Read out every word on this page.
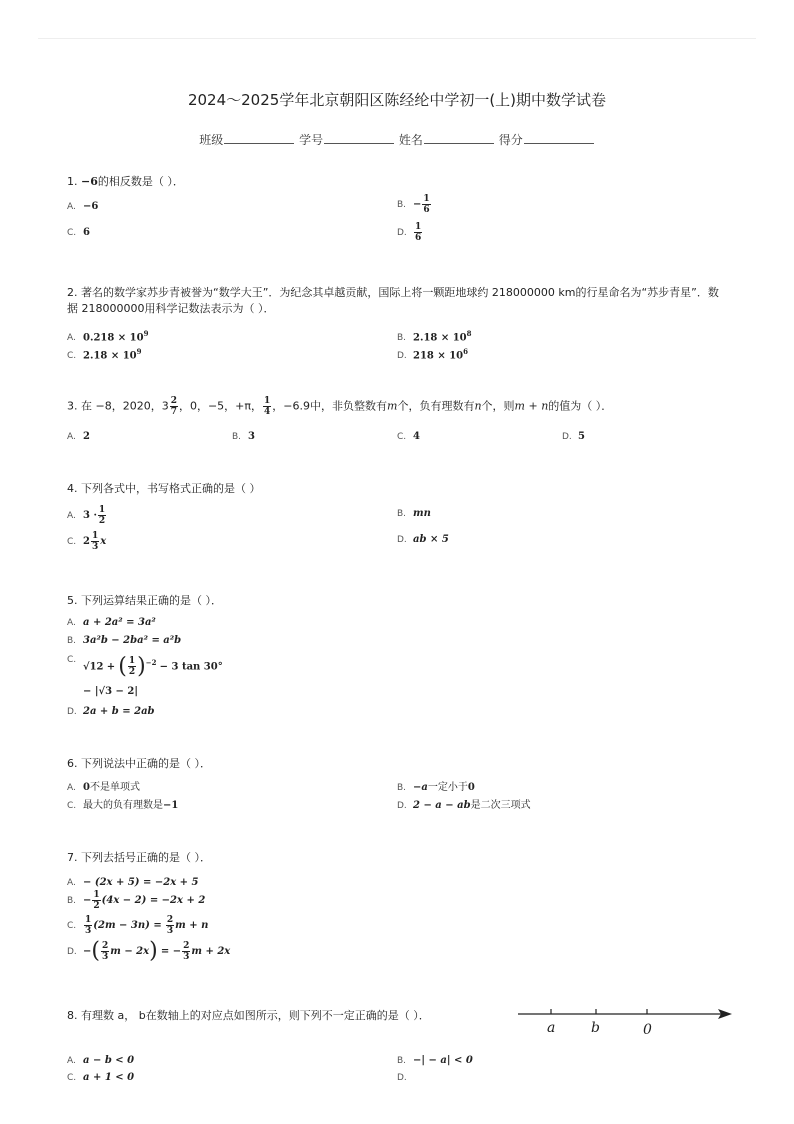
2024～2025学年北京朝阳区陈经纶中学初一(上)期中数学试卷
班级	学号	姓名	得分
1. −6的相反数是（ ）．
A. −6	B. − $\frac{1}{6}$
C. 6	D. $\frac{1}{6}$
2. 著名的数学家苏步青被誉为“数学大王”．为纪念其卓越贡献，国际上将一颗距地球约 218000000 km的行星命名为“苏步青星”．数据 218000000用科学记数法表示为（ ）．
A. $0.218 \times 10^9$	B. $2.18 \times 10^8$
C. $2.18 \times 10^9$	D. $218 \times 10^6$
3. 在 −8，2020，$3 \frac{2}{7}$ ，0，−5，+π， $\frac{1}{4}$ ，−6.9中，非负整数有m个，负有理数有n个，则m + n的值为（ ）．
A. 2	B. 3	C. 4	D. 5
4. 下列各式中，书写格式正确的是（ ）
A. $3 \cdot \frac{1}{2}$	B. mn
C. $2 \frac{1}{3}$ x	D. ab × 5
5. 下列运算结果正确的是（ ）．
A. a + 2a² = 3a²
B. 3a²b − 2ba² = a²b
C.
√12 + ( $\frac{1}{2} )^{-2} - 3$ tan 30°
− |√3 − 2|
D. 2a + b = 2ab
6. 下列说法中正确的是（ ）．
A. 0不是单项式	B. −a一定小于0
C. 最大的负有理数是−1	D. 2 − a − ab是二次三项式
7. 下列去括号正确的是（ ）．
A. − (2x + 5) = −2x + 5
B. − $\frac{1}{2} (4x - 2) = -2x + 2$
C. $\frac{1}{3} (2m - 3n) = \frac{2}{3}$ m + n
D. −( $\frac{2}{3}$ m − 2x) = − $\frac{2}{3}$ m + 2x
8. 有理数 a， b在数轴上的对应点如图所示，则下列不一定正确的是（ ）．
a	b	0
A. a − b < 0	B. −| − a| < 0
C. a + 1 < 0	D.
